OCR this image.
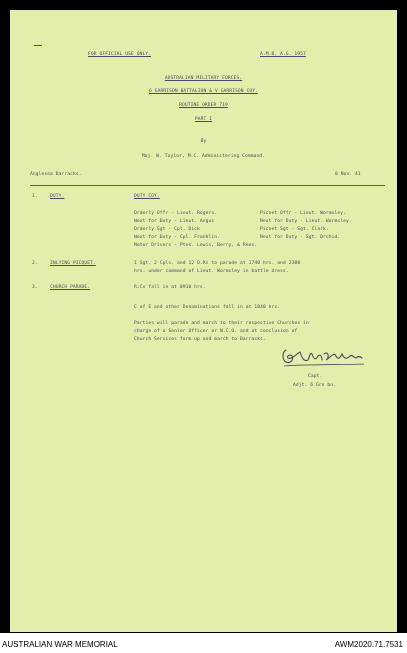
FOR OFFICIAL USE ONLY.	A.M.B. A.G. 1957
AUSTRALIAN MILITARY FORCES.
6 GARRISON BATTALION & V GARRISON COY.
ROUTINE ORDER 719
PART I
By
Maj. W. Taylor, M.C. Administering Command.
Anglesea Barracks.	8 Nov. 41
1.	DUTY.	DUTY COY.
Orderly Offr - Lieut. Rogers.	Picnet Offr - Lieut. Wormsley.
Next for Duty - Lieut. Angus	Next for Duty - Lieut. Wormsley.
Orderly Sgt - Cpl. Dick	Picnet Sgt - Sgt. Clark.
Next for Duty - Cpl. Franklin.	Next for Duty - Sgt. Orchid.
Motor Drivers - Ptes. Lewis, Berry, & Rees.
2.	INLYING PICQUET.	1 Sgt. 2 Cpls. and 12 O.Rs to parade at 1740 hrs. and 2300
hrs. under command of Lieut. Wormsley in battle dress.
3.	CHURCH PARADE.	R.Cs fall in at 0910 hrs.
C of E and other Denominations fall in at 1040 hrs.
Parties will parade and march to their respective Churches in
charge of a Senior Officer or N.C.O. and at conclusion of
Church Services form up and march to Barracks.
Capt.
Adjt. 6 Grn bn.
AUSTRALIAN WAR MEMORIAL	AWM2020.71.7531
